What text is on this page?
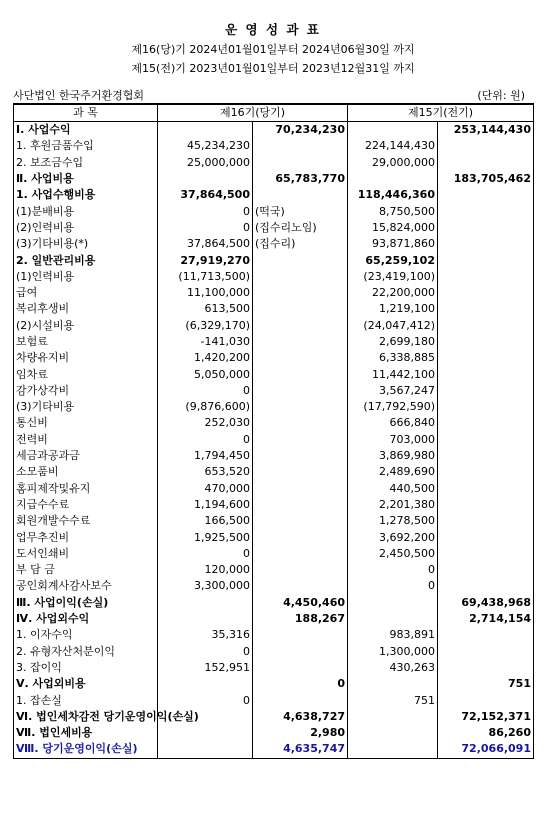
운 영 성 과 표
제16(당)기 2024년01월01일부터 2024년06월30일 까지
제15(전)기 2023년01월01일부터 2023년12월31일 까지
사단법인 한국주거환경협회	(단위: 원)
과 목	제16기(당기)		제15기(전기)	
Ⅰ. 사업수익		70,234,230		253,144,430
1. 후원금품수입	45,234,230		224,144,430	
2. 보조금수입	25,000,000		29,000,000	
Ⅱ. 사업비용		65,783,770		183,705,462
1. 사업수행비용	37,864,500		118,446,360	
(1)분배비용	0	(떡국)	8,750,500	
(2)인력비용	0	(집수리노임)	15,824,000	
(3)기타비용(*)	37,864,500	(집수리)	93,871,860	
2. 일반관리비용	27,919,270		65,259,102	
(1)인력비용	(11,713,500)		(23,419,100)	
급여	11,100,000		22,200,000	
복리후생비	613,500		1,219,100	
(2)시설비용	(6,329,170)		(24,047,412)	
보험료	-141,030		2,699,180	
차량유지비	1,420,200		6,338,885	
임차료	5,050,000		11,442,100	
감가상각비	0		3,567,247	
(3)기타비용	(9,876,600)		(17,792,590)	
통신비	252,030		666,840	
전력비	0		703,000	
세금과공과금	1,794,450		3,869,980	
소모품비	653,520		2,489,690	
홈피제작및유지	470,000		440,500	
지급수수료	1,194,600		2,201,380	
회원개발수수료	166,500		1,278,500	
업무추진비	1,925,500		3,692,200	
도서인쇄비	0		2,450,500	
부 담 금	120,000		0	
공인회계사감사보수	3,300,000		0	
Ⅲ. 사업이익(손실)		4,450,460		69,438,968
Ⅳ. 사업외수익		188,267		2,714,154
1. 이자수익	35,316		983,891	
2. 유형자산처분이익	0		1,300,000	
3. 잡이익	152,951		430,263	
Ⅴ. 사업외비용		0		751
1. 잡손실	0		751	
Ⅵ. 법인세차감전 당기운영이익(손실)		4,638,727		72,152,371
Ⅶ. 법인세비용		2,980		86,260
Ⅷ. 당기운영이익(손실)		4,635,747		72,066,091
